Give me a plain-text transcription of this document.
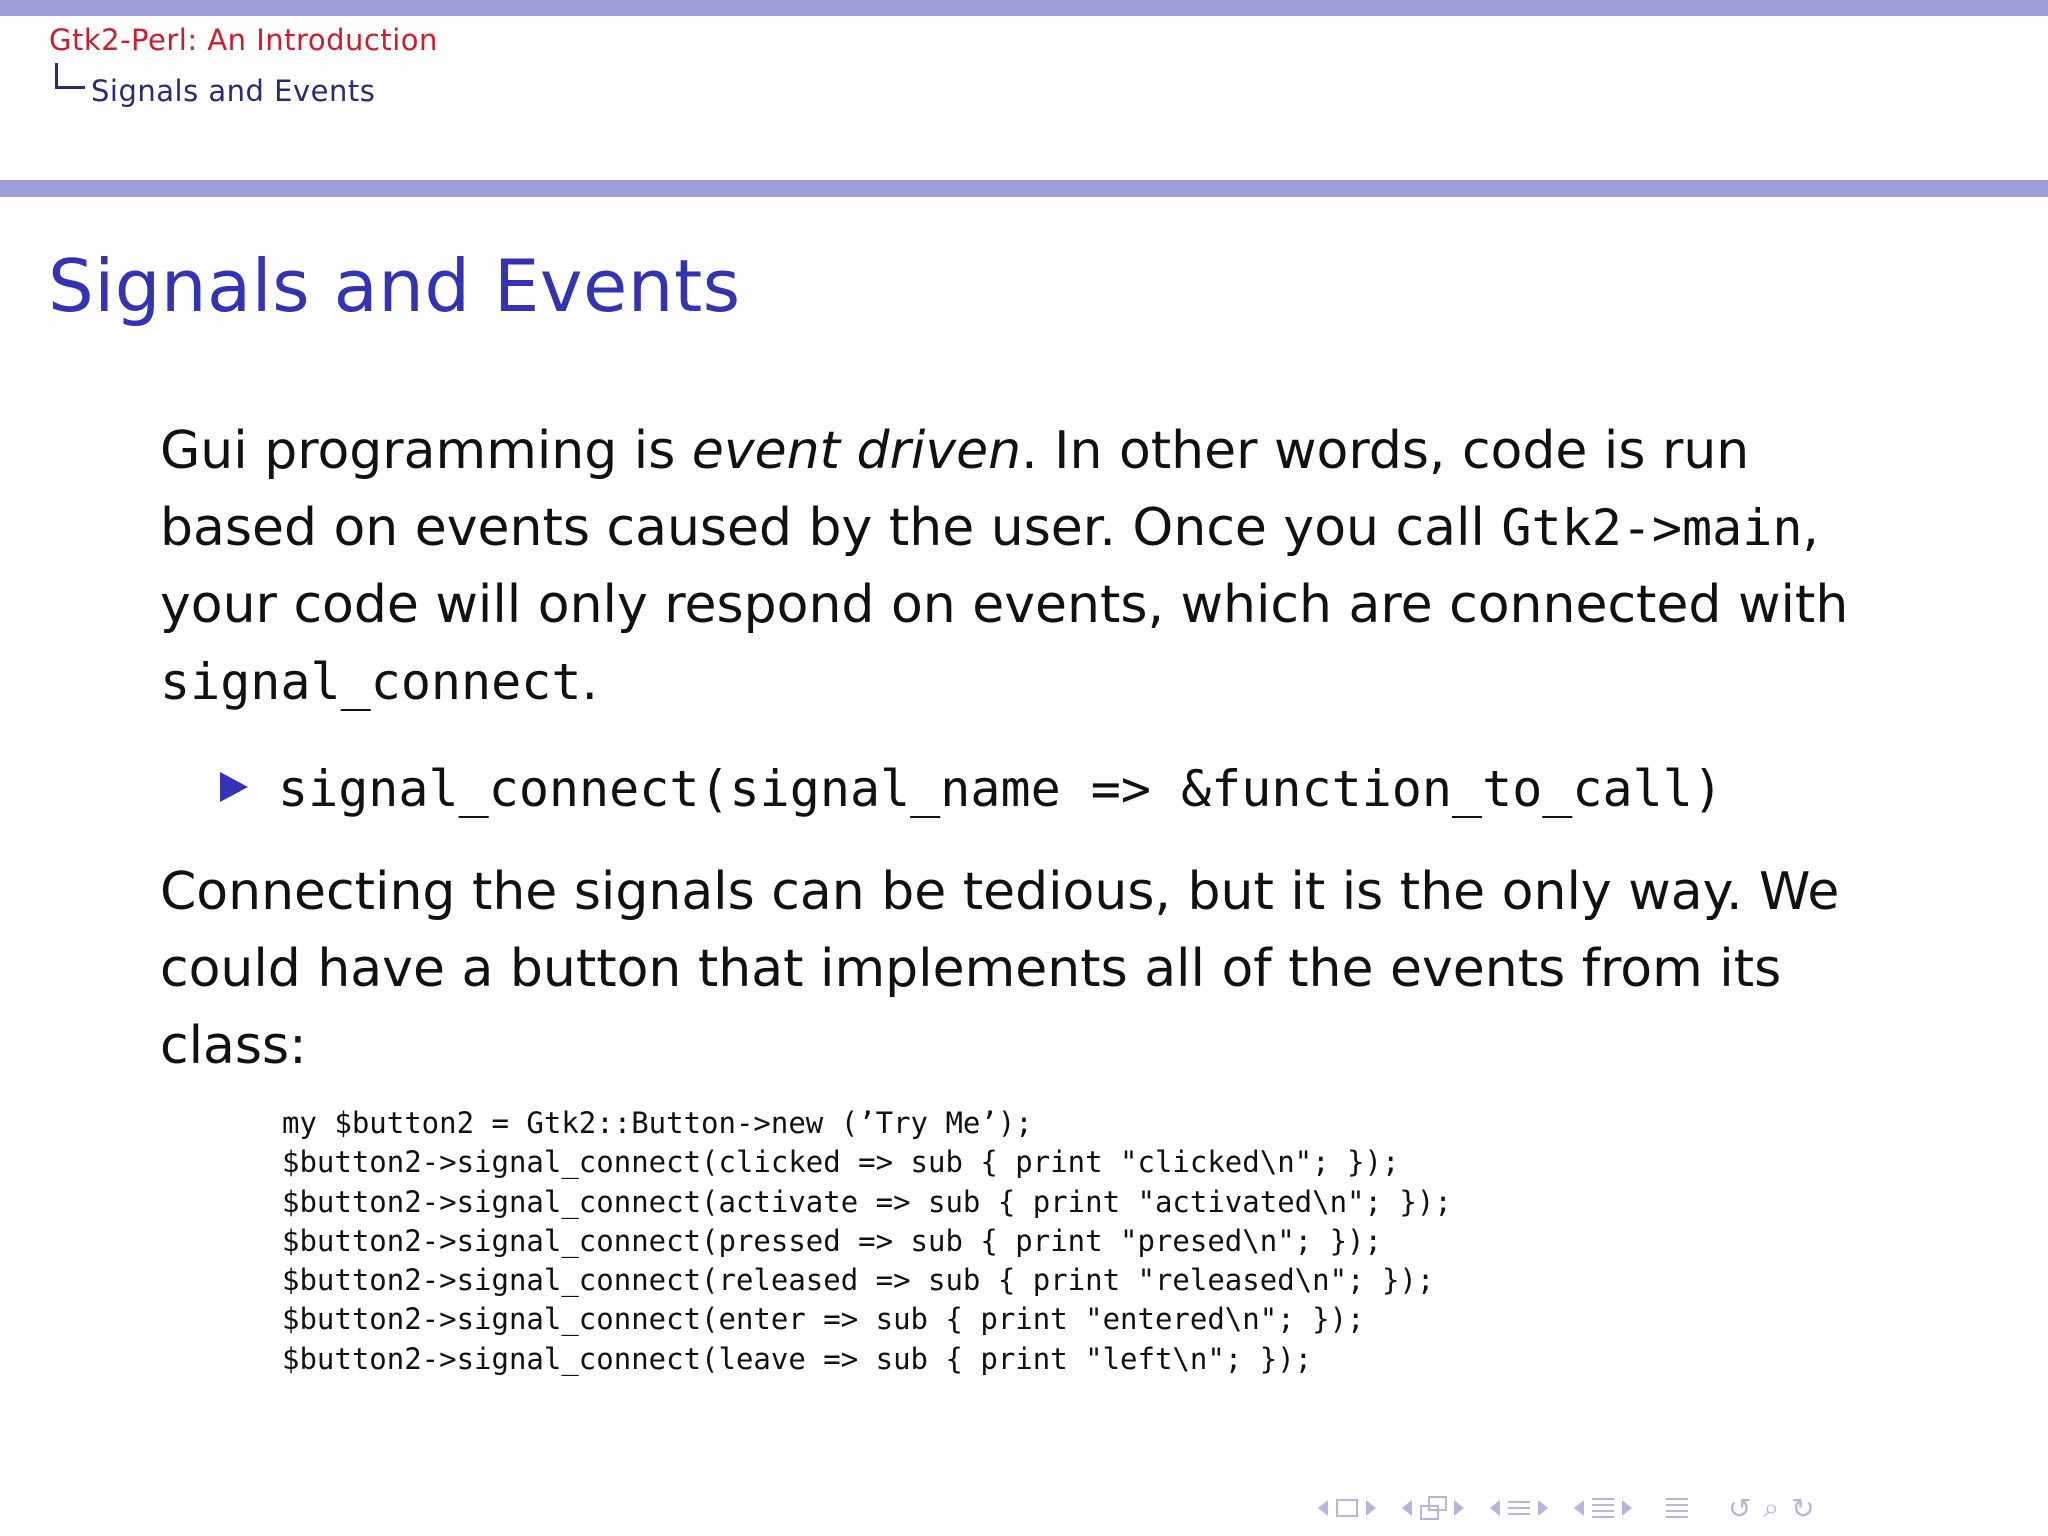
Gtk2-Perl: An Introduction
Signals and Events
Signals and Events

Gui programming is event driven. In other words, code is run based on events caused by the user. Once you call Gtk2->main, your code will only respond on events, which are connected with signal_connect.

signal_connect(signal_name => &function_to_call)

Connecting the signals can be tedious, but it is the only way. We could have a button that implements all of the events from its class:

my $button2 = Gtk2::Button->new (’Try Me’);
$button2->signal_connect(clicked => sub { print "clicked\n"; });
$button2->signal_connect(activate => sub { print "activated\n"; });
$button2->signal_connect(pressed => sub { print "presed\n"; });
$button2->signal_connect(released => sub { print "released\n"; });
$button2->signal_connect(enter => sub { print "entered\n"; });
$button2->signal_connect(leave => sub { print "left\n"; });
↺ ⌕ ↻
